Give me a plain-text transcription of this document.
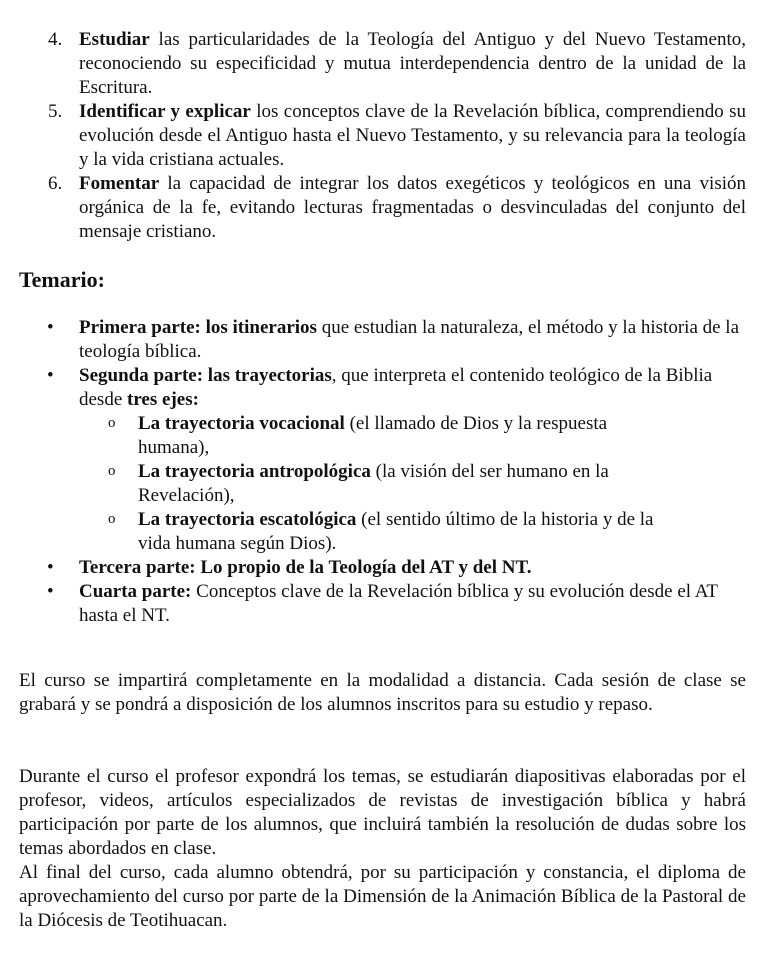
4. Estudiar las particularidades de la Teología del Antiguo y del Nuevo Testamento, reconociendo su especificidad y mutua interdependencia dentro de la unidad de la Escritura.
5. Identificar y explicar los conceptos clave de la Revelación bíblica, comprendiendo su evolución desde el Antiguo hasta el Nuevo Testamento, y su relevancia para la teología y la vida cristiana actuales.
6. Fomentar la capacidad de integrar los datos exegéticos y teológicos en una visión orgánica de la fe, evitando lecturas fragmentadas o desvinculadas del conjunto del mensaje cristiano.
Temario:
• Primera parte: los itinerarios que estudian la naturaleza, el método y la historia de la teología bíblica.
• Segunda parte: las trayectorias, que interpreta el contenido teológico de la Biblia desde tres ejes:
o La trayectoria vocacional (el llamado de Dios y la respuesta humana),
o La trayectoria antropológica (la visión del ser humano en la Revelación),
o La trayectoria escatológica (el sentido último de la historia y de la vida humana según Dios).
• Tercera parte: Lo propio de la Teología del AT y del NT.
• Cuarta parte: Conceptos clave de la Revelación bíblica y su evolución desde el AT hasta el NT.

El curso se impartirá completamente en la modalidad a distancia. Cada sesión de clase se grabará y se pondrá a disposición de los alumnos inscritos para su estudio y repaso.

Durante el curso el profesor expondrá los temas, se estudiarán diapositivas elaboradas por el profesor, videos, artículos especializados de revistas de investigación bíblica y habrá participación por parte de los alumnos, que incluirá también la resolución de dudas sobre los temas abordados en clase.

Al final del curso, cada alumno obtendrá, por su participación y constancia, el diploma de aprovechamiento del curso por parte de la Dimensión de la Animación Bíblica de la Pastoral de la Diócesis de Teotihuacan.
